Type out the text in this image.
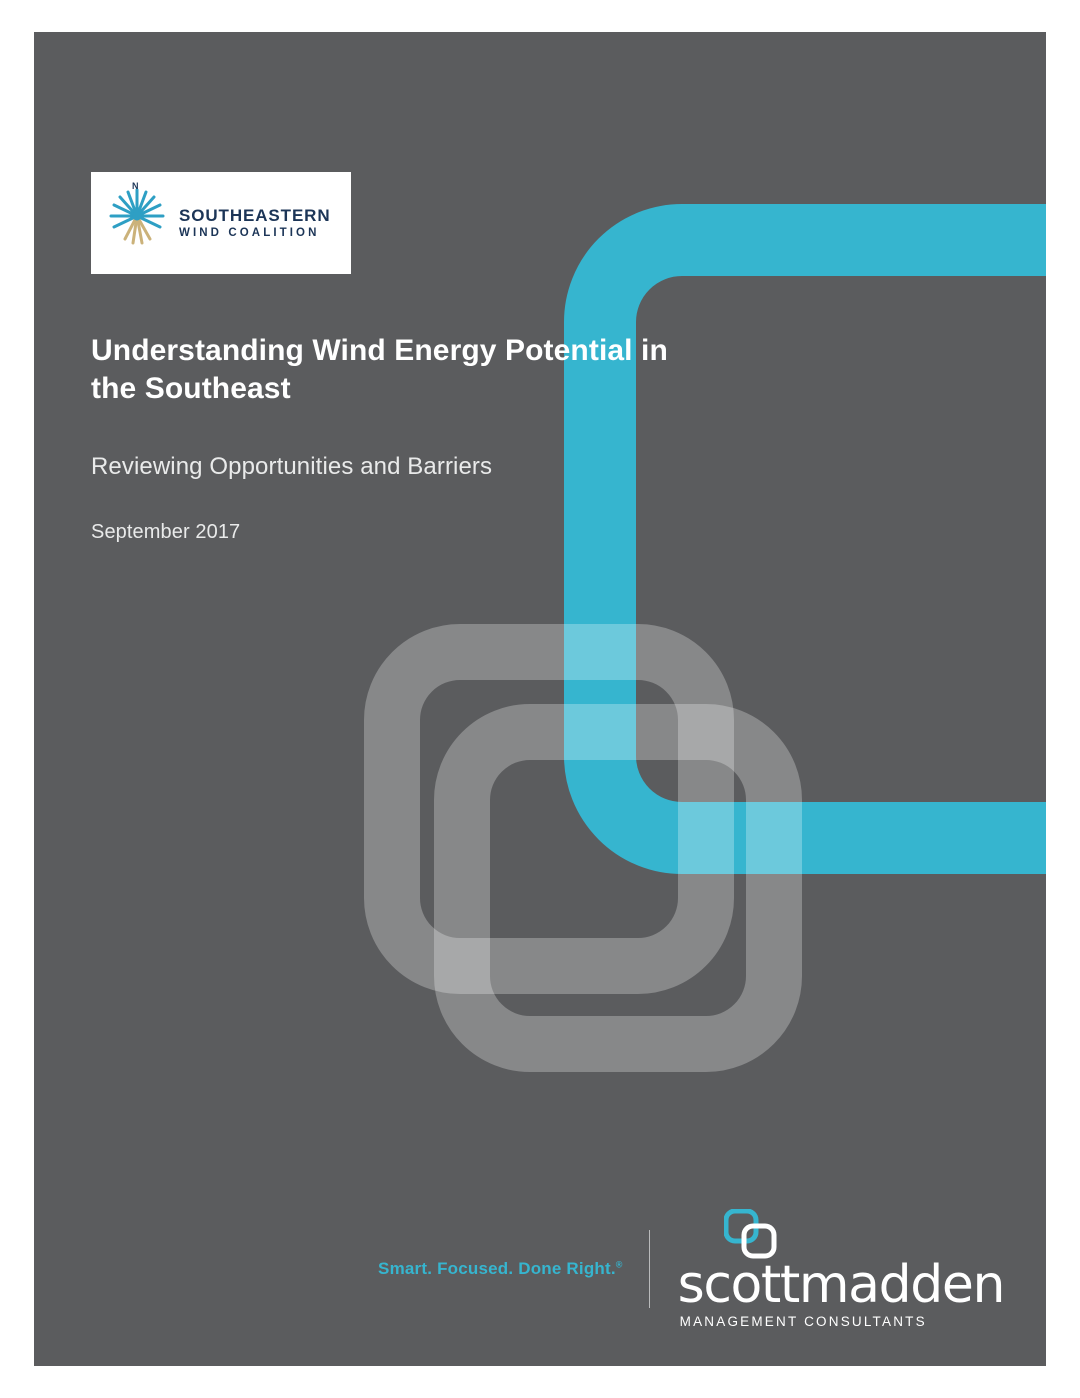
N
SOUTHEASTERN
WIND COALITION
Understanding Wind Energy Potential in the Southeast

Reviewing Opportunities and Barriers

September 2017

Smart. Focused. Done Right.® scottmadden
MANAGEMENT CONSULTANTS
